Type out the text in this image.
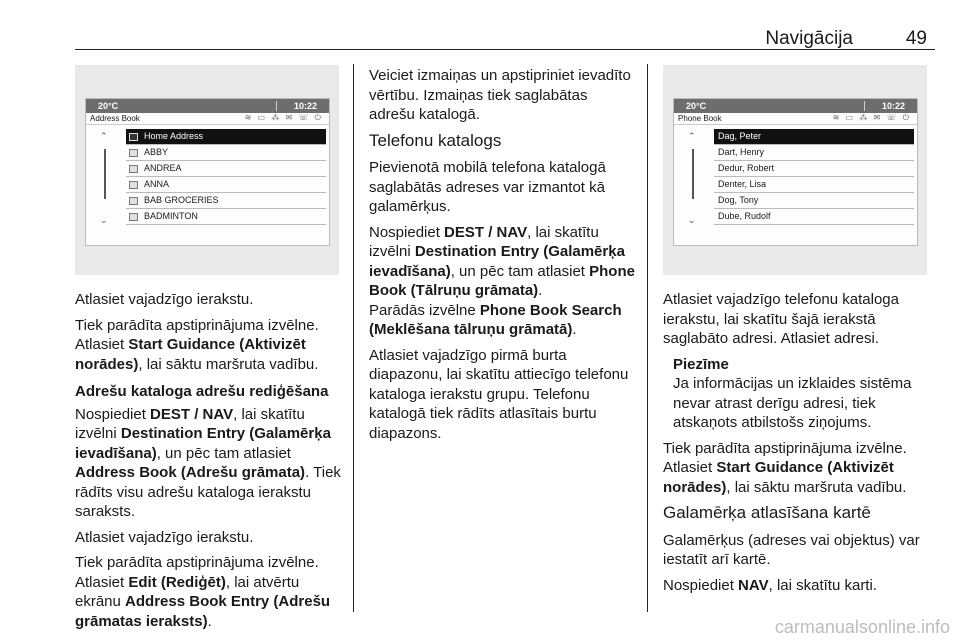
Navigācija	49
20°C	10:22
Address Book	≋ ▭ ⁂ ✉ ☏ ⏻
⌃
⌄
Home Address
ABBY
ANDREA
ANNA
BAB GROCERIES
BADMINTON

Atlasiet vajadzīgo ierakstu.

Tiek parādīta apstiprinājuma izvēlne. Atlasiet Start Guidance (Aktivizēt norādes), lai sāktu maršruta vadību.

Adrešu kataloga adrešu rediģēšana

Nospiediet DEST / NAV, lai skatītu izvēlni Destination Entry (Galamērķa ievadīšana), un pēc tam atlasiet Address Book (Adrešu grāmata). Tiek rādīts visu adrešu kataloga ierakstu saraksts.

Atlasiet vajadzīgo ierakstu.

Tiek parādīta apstiprinājuma izvēlne. Atlasiet Edit (Rediģēt), lai atvērtu ekrānu Address Book Entry (Adrešu grāmatas ieraksts).

Veiciet izmaiņas un apstipriniet ievadīto vērtību. Izmaiņas tiek saglabātas adrešu katalogā.

Telefonu katalogs

Pievienotā mobilā telefona katalogā saglabātās adreses var izmantot kā galamērķus.

Nospiediet DEST / NAV, lai skatītu izvēlni Destination Entry (Galamērķa ievadīšana), un pēc tam atlasiet Phone Book (Tālruņu grāmata).
Parādās izvēlne Phone Book Search (Meklēšana tālruņu grāmatā).

Atlasiet vajadzīgo pirmā burta diapazonu, lai skatītu attiecīgo telefonu kataloga ierakstu grupu. Telefonu katalogā tiek rādīts atlasītais burtu diapazons.

20°C	10:22
Phone Book	≋ ▭ ⁂ ✉ ☏ ⏻
⌃
⌄
Dag, Peter
Dart, Henry
Dedur, Robert
Denter, Lisa
Dog, Tony
Dube, Rudolf

Atlasiet vajadzīgo telefonu kataloga ierakstu, lai skatītu šajā ierakstā saglabāto adresi. Atlasiet adresi.

Piezīme

Ja informācijas un izklaides sistēma nevar atrast derīgu adresi, tiek atskaņots atbilstošs ziņojums.

Tiek parādīta apstiprinājuma izvēlne. Atlasiet Start Guidance (Aktivizēt norādes), lai sāktu maršruta vadību.

Galamērķa atlasīšana kartē

Galamērķus (adreses vai objektus) var iestatīt arī kartē.

Nospiediet NAV, lai skatītu karti.

carmanualsonline.info
